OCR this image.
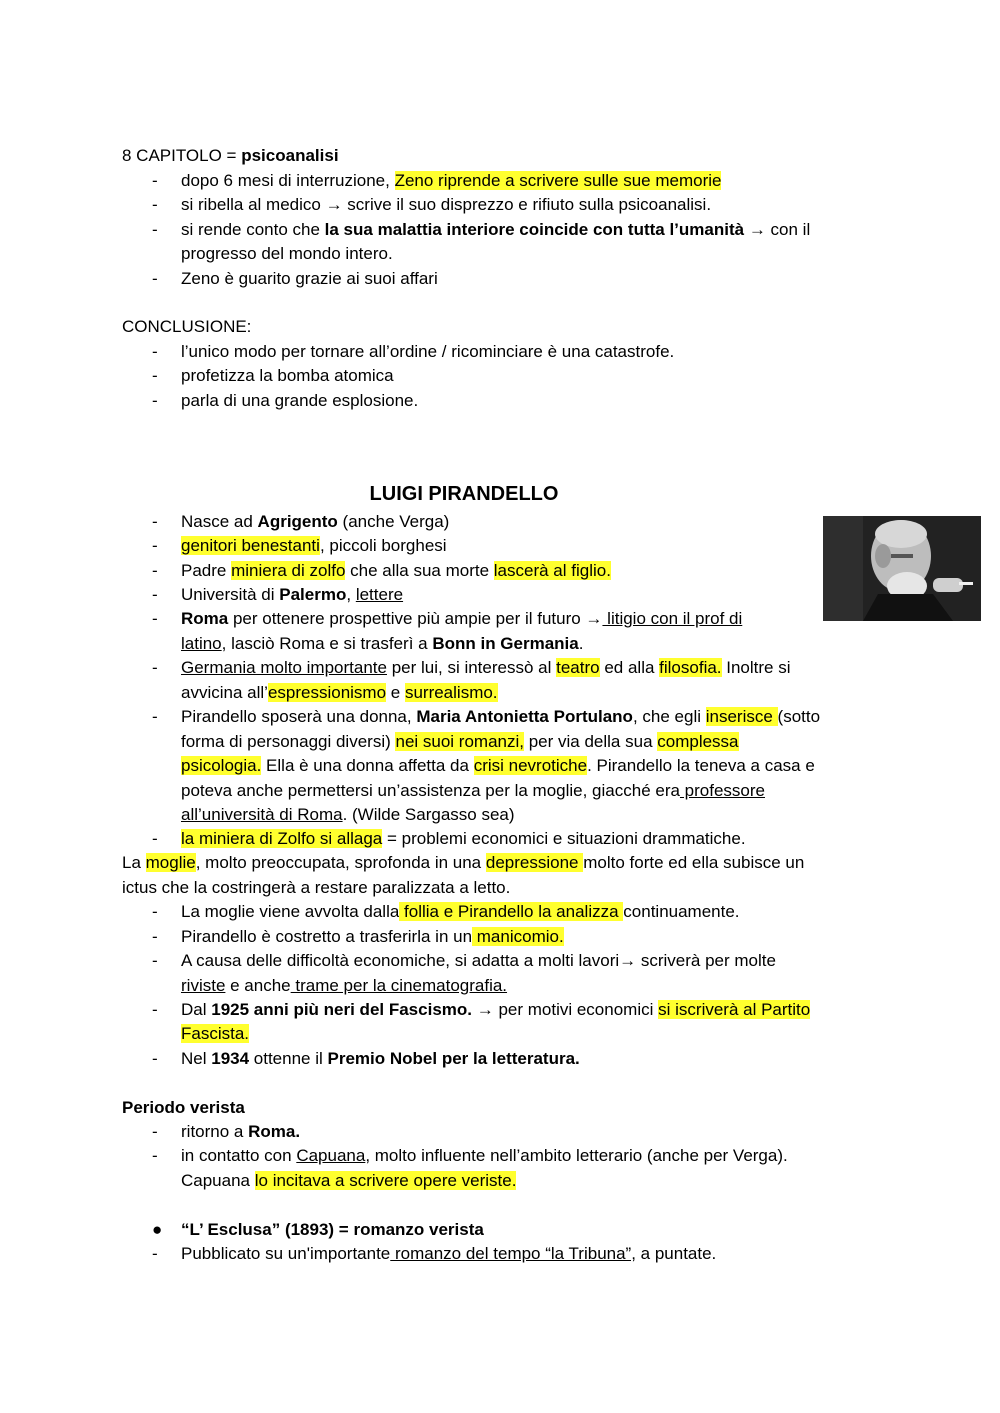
8 CAPITOLO = psicoanalisi
- dopo 6 mesi di interruzione, Zeno riprende a scrivere sulle sue memorie
- si ribella al medico → scrive il suo disprezzo e rifiuto sulla psicoanalisi.
- si rende conto che la sua malattia interiore coincide con tutta l’umanità → con il
progresso del mondo intero.
- Zeno è guarito grazie ai suoi affari
CONCLUSIONE:
- l’unico modo per tornare all’ordine / ricominciare è una catastrofe.
- profetizza la bomba atomica
- parla di una grande esplosione.
LUIGI PIRANDELLO
- Nasce ad Agrigento (anche Verga)
- genitori benestanti, piccoli borghesi
- Padre miniera di zolfo che alla sua morte lascerà al figlio.
- Università di Palermo, lettere
- Roma per ottenere prospettive più ampie per il futuro → litigio con il prof di
latino, lasciò Roma e si trasferì a Bonn in Germania.
- Germania molto importante per lui, si interessò al teatro ed alla filosofia. Inoltre si
avvicina all’espressionismo e surrealismo.
- Pirandello sposerà una donna, Maria Antonietta Portulano, che egli inserisce (sotto
forma di personaggi diversi) nei suoi romanzi, per via della sua complessa
psicologia. Ella è una donna affetta da crisi nevrotiche. Pirandello la teneva a casa e
poteva anche permettersi un’assistenza per la moglie, giacché era professore
all’università di Roma. (Wilde Sargasso sea)
- la miniera di Zolfo si allaga = problemi economici e situazioni drammatiche.
La moglie, molto preoccupata, sprofonda in una depressione molto forte ed ella subisce un
ictus che la costringerà a restare paralizzata a letto.
- La moglie viene avvolta dalla follia e Pirandello la analizza continuamente.
- Pirandello è costretto a trasferirla in un manicomio.
- A causa delle difficoltà economiche, si adatta a molti lavori→ scriverà per molte
riviste e anche trame per la cinematografia.
- Dal 1925 anni più neri del Fascismo. → per motivi economici si iscriverà al Partito
Fascista.
- Nel 1934 ottenne il Premio Nobel per la letteratura.
Periodo verista
- ritorno a Roma.
- in contatto con Capuana, molto influente nell’ambito letterario (anche per Verga).
Capuana lo incitava a scrivere opere veriste.
● “L’ Esclusa” (1893) = romanzo verista
- Pubblicato su un'importante romanzo del tempo “la Tribuna”, a puntate.
